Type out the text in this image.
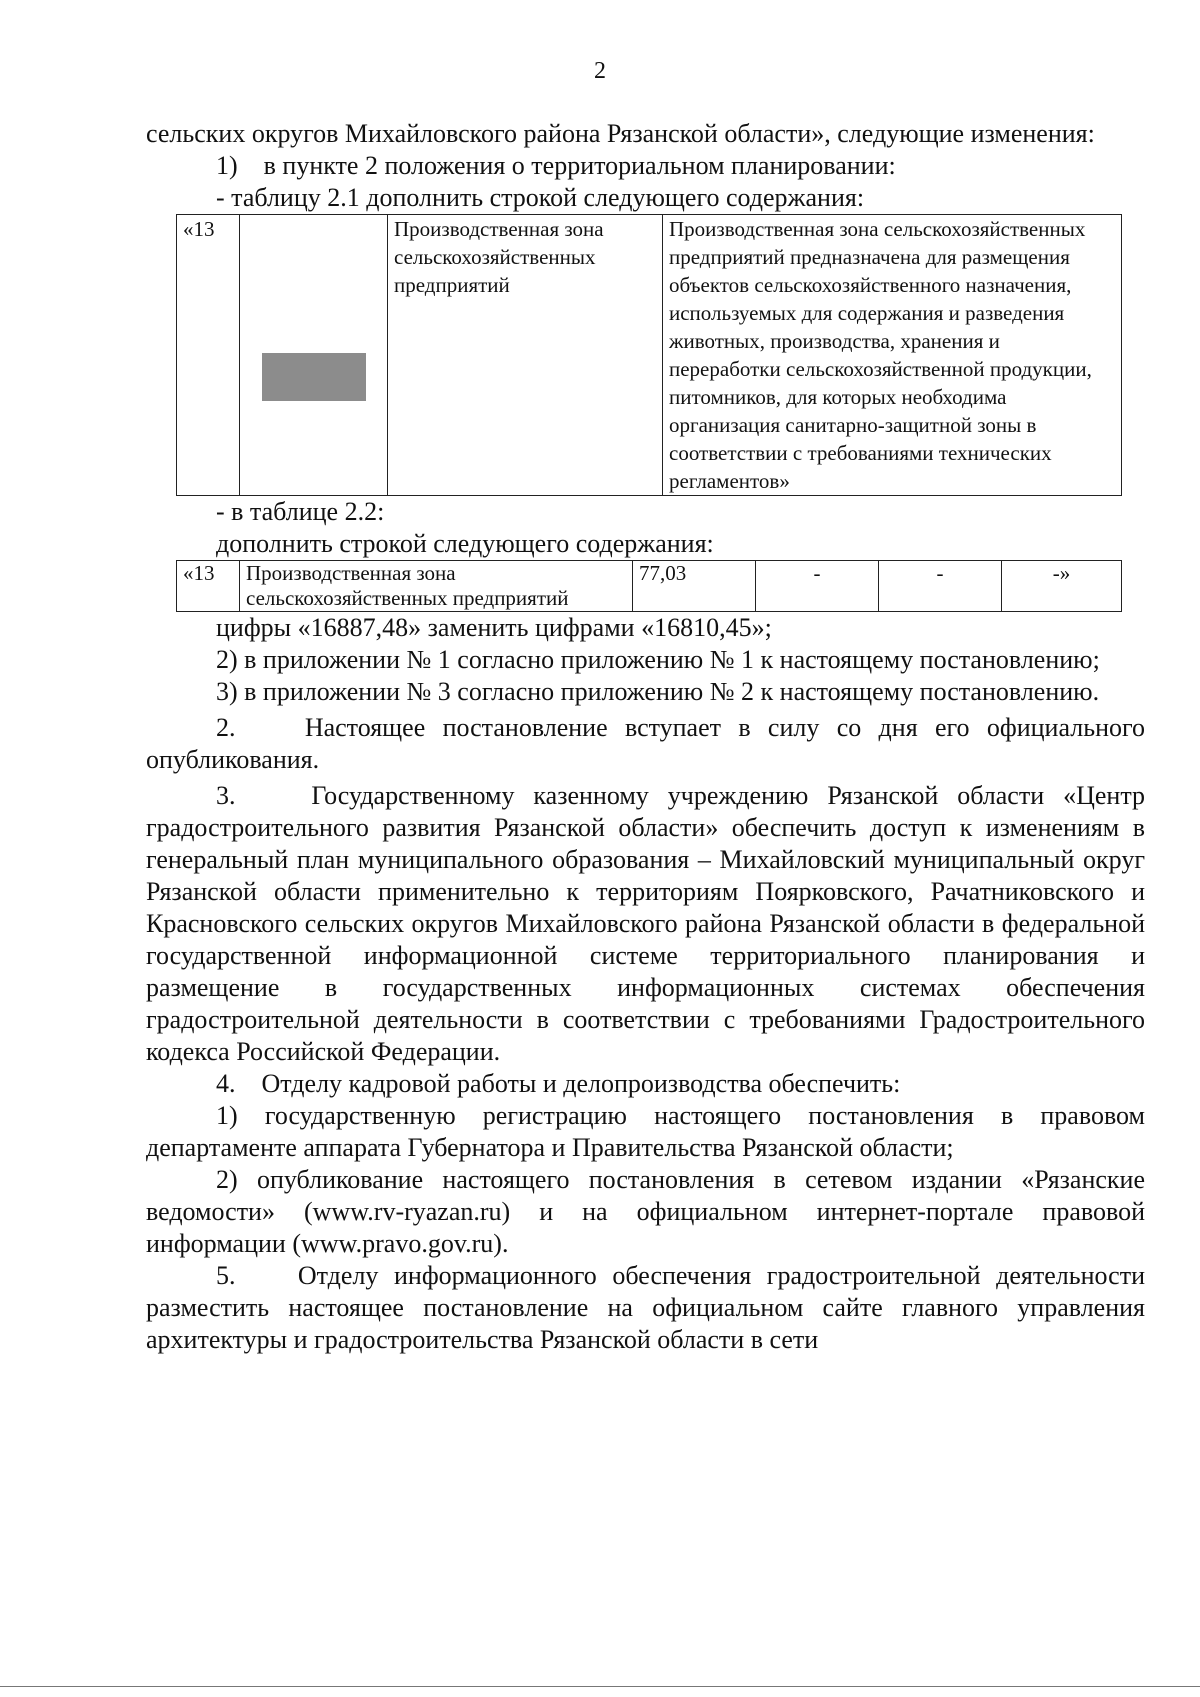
2

сельских округов Михайловского района Рязанской области», следующие изменения:

1)    в пункте 2 положения о территориальном планировании:

- таблицу 2.1 дополнить строкой следующего содержания:

«13		Производственная зона сельскохозяйственных предприятий	Производственная зона сельскохозяйственных предприятий предназначена для размещения объектов сельскохозяйственного назначения, используемых для содержания и разведения животных, производства, хранения и переработки сельскохозяйственной продукции, питомников, для которых необходима организация санитарно-защитной зоны в соответствии с требованиями технических регламентов»

- в таблице 2.2:

дополнить строкой следующего содержания:

«13	Производственная зона сельскохозяйственных предприятий	77,03	-	-	-»

цифры «16887,48» заменить цифрами «16810,45»;

2) в приложении № 1 согласно приложению № 1 к настоящему постановлению;

3) в приложении № 3 согласно приложению № 2 к настоящему постановлению.

2.    Настоящее постановление вступает в силу со дня его официального опубликования.

3.    Государственному казенному учреждению Рязанской области «Центр градостроительного развития Рязанской области» обеспечить доступ к изменениям в генеральный план муниципального образования – Михайловский муниципальный округ Рязанской области применительно к территориям Поярковского, Рачатниковского и Красновского сельских округов Михайловского района Рязанской области в федеральной государственной информационной системе территориального планирования и размещение в государственных информационных системах обеспечения градостроительной деятельности в соответствии с требованиями Градостроительного кодекса Российской Федерации.

4.    Отделу кадровой работы и делопроизводства обеспечить:

1) государственную регистрацию настоящего постановления в правовом департаменте аппарата Губернатора и Правительства Рязанской области;

2) опубликование настоящего постановления в сетевом издании «Рязанские ведомости» (www.rv-ryazan.ru) и на официальном интернет-портале правовой информации (www.pravo.gov.ru).

5.    Отделу информационного обеспечения градостроительной деятельности разместить настоящее постановление на официальном сайте главного управления архитектуры и градостроительства Рязанской области в сети
